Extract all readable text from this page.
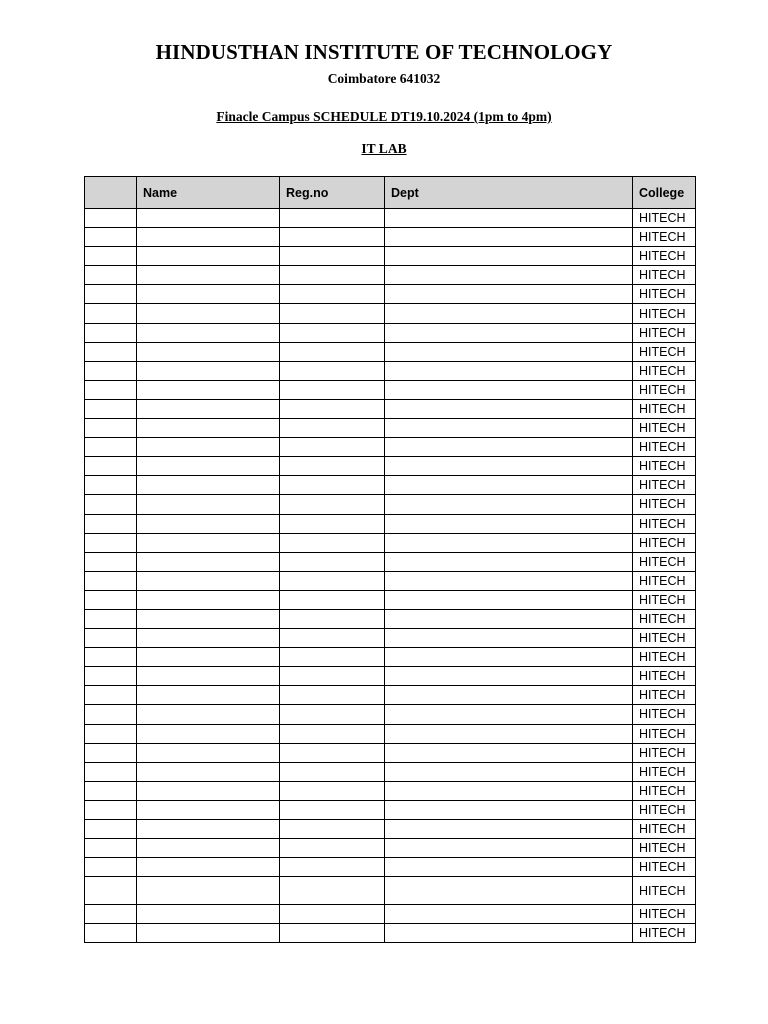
HINDUSTHAN INSTITUTE OF TECHNOLOGY
Coimbatore 641032
Finacle Campus SCHEDULE DT19.10.2024 (1pm to 4pm)
IT LAB
	Name	Reg.no	Dept	College
				HITECH
				HITECH
				HITECH
				HITECH
				HITECH
				HITECH
				HITECH
				HITECH
				HITECH
				HITECH
				HITECH
				HITECH
				HITECH
				HITECH
				HITECH
				HITECH
				HITECH
				HITECH
				HITECH
				HITECH
				HITECH
				HITECH
				HITECH
				HITECH
				HITECH
				HITECH
				HITECH
				HITECH
				HITECH
				HITECH
				HITECH
				HITECH
				HITECH
				HITECH
				HITECH
				HITECH
				HITECH
				HITECH
